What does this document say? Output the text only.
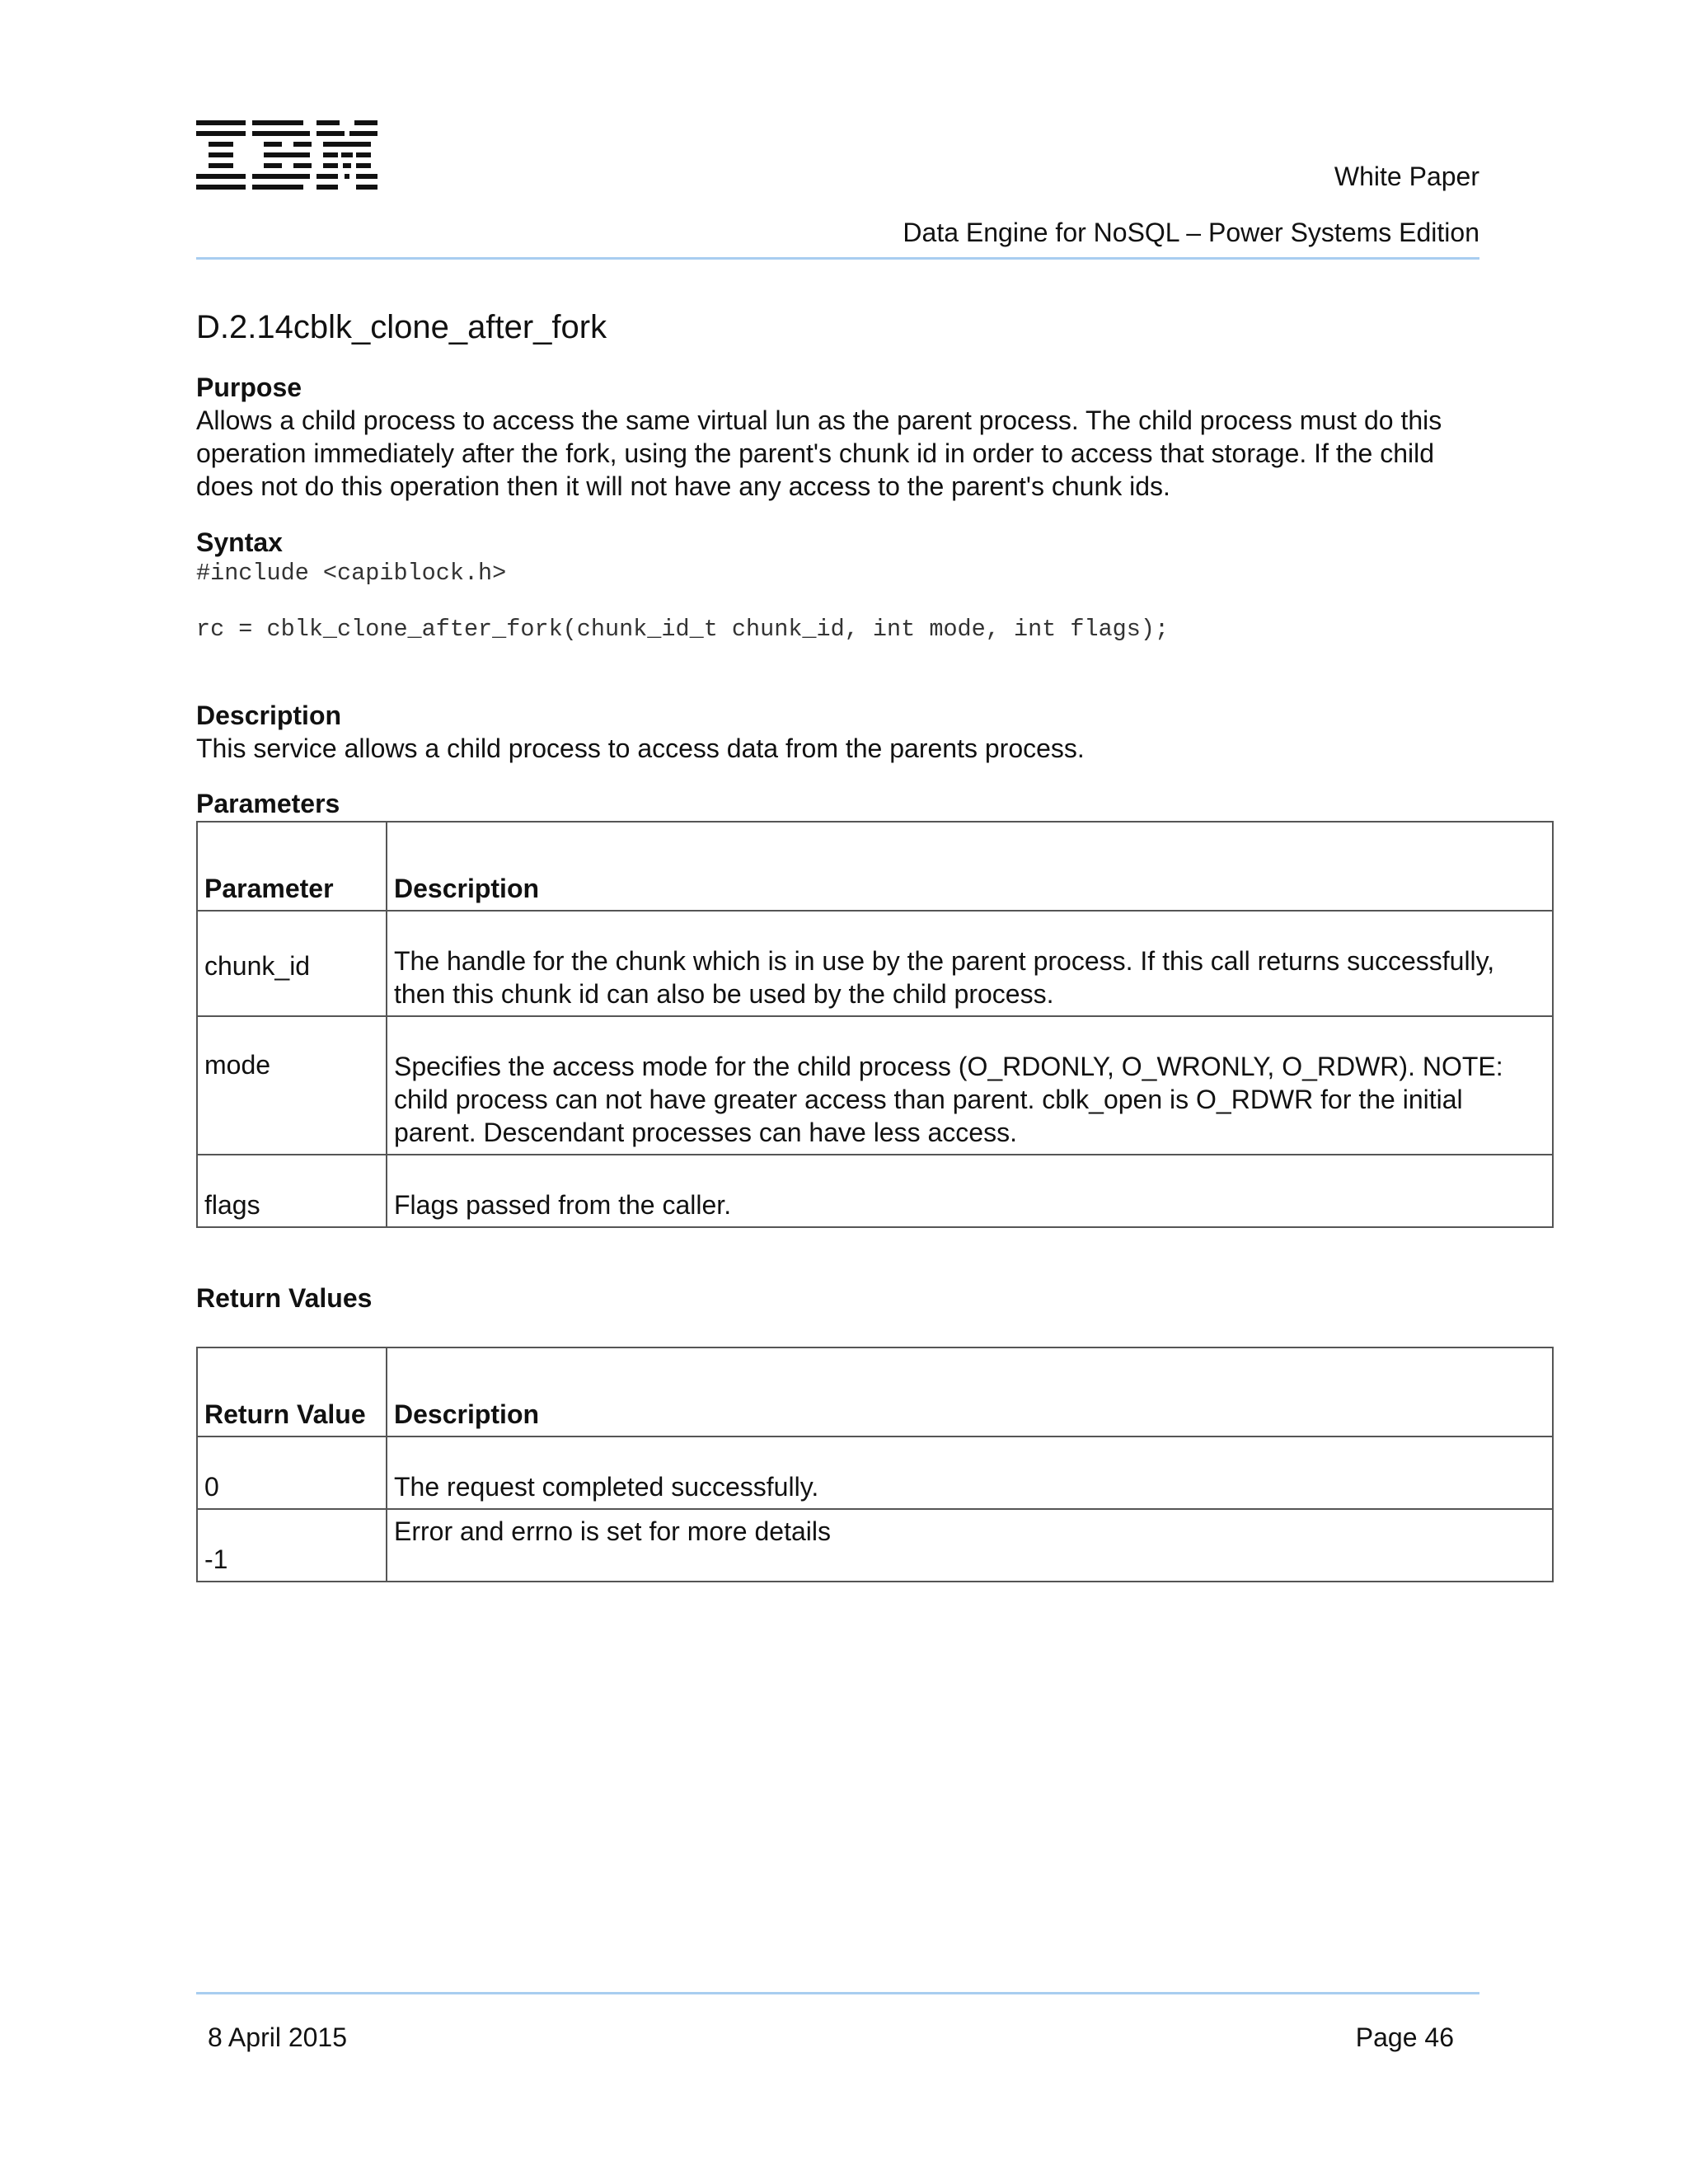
White Paper
Data Engine for NoSQL – Power Systems Edition
D.2.14cblk_clone_after_fork
Purpose
Allows a child process to access the same virtual lun as the parent process. The child process must do this operation immediately after the fork, using the parent's chunk id in order to access that storage. If the child does not do this operation then it will not have any access to the parent's chunk ids.
Syntax
#include <capiblock.h>
rc = cblk_clone_after_fork(chunk_id_t chunk_id, int mode, int flags);
Description
This service allows a child process to access data from the parents process.
Parameters
Parameter	Description
chunk_id	The handle for the chunk which is in use by the parent process. If this call returns successfully, then this chunk id can also be used by the child process.
mode	Specifies the access mode for the child process (O_RDONLY, O_WRONLY, O_RDWR). NOTE: child process can not have greater access than parent. cblk_open is O_RDWR for the initial parent. Descendant processes can have less access.
flags	Flags passed from the caller.
Return Values
Return Value	Description
0	The request completed successfully.
-1	Error and errno is set for more details
8 April 2015	Page 46
